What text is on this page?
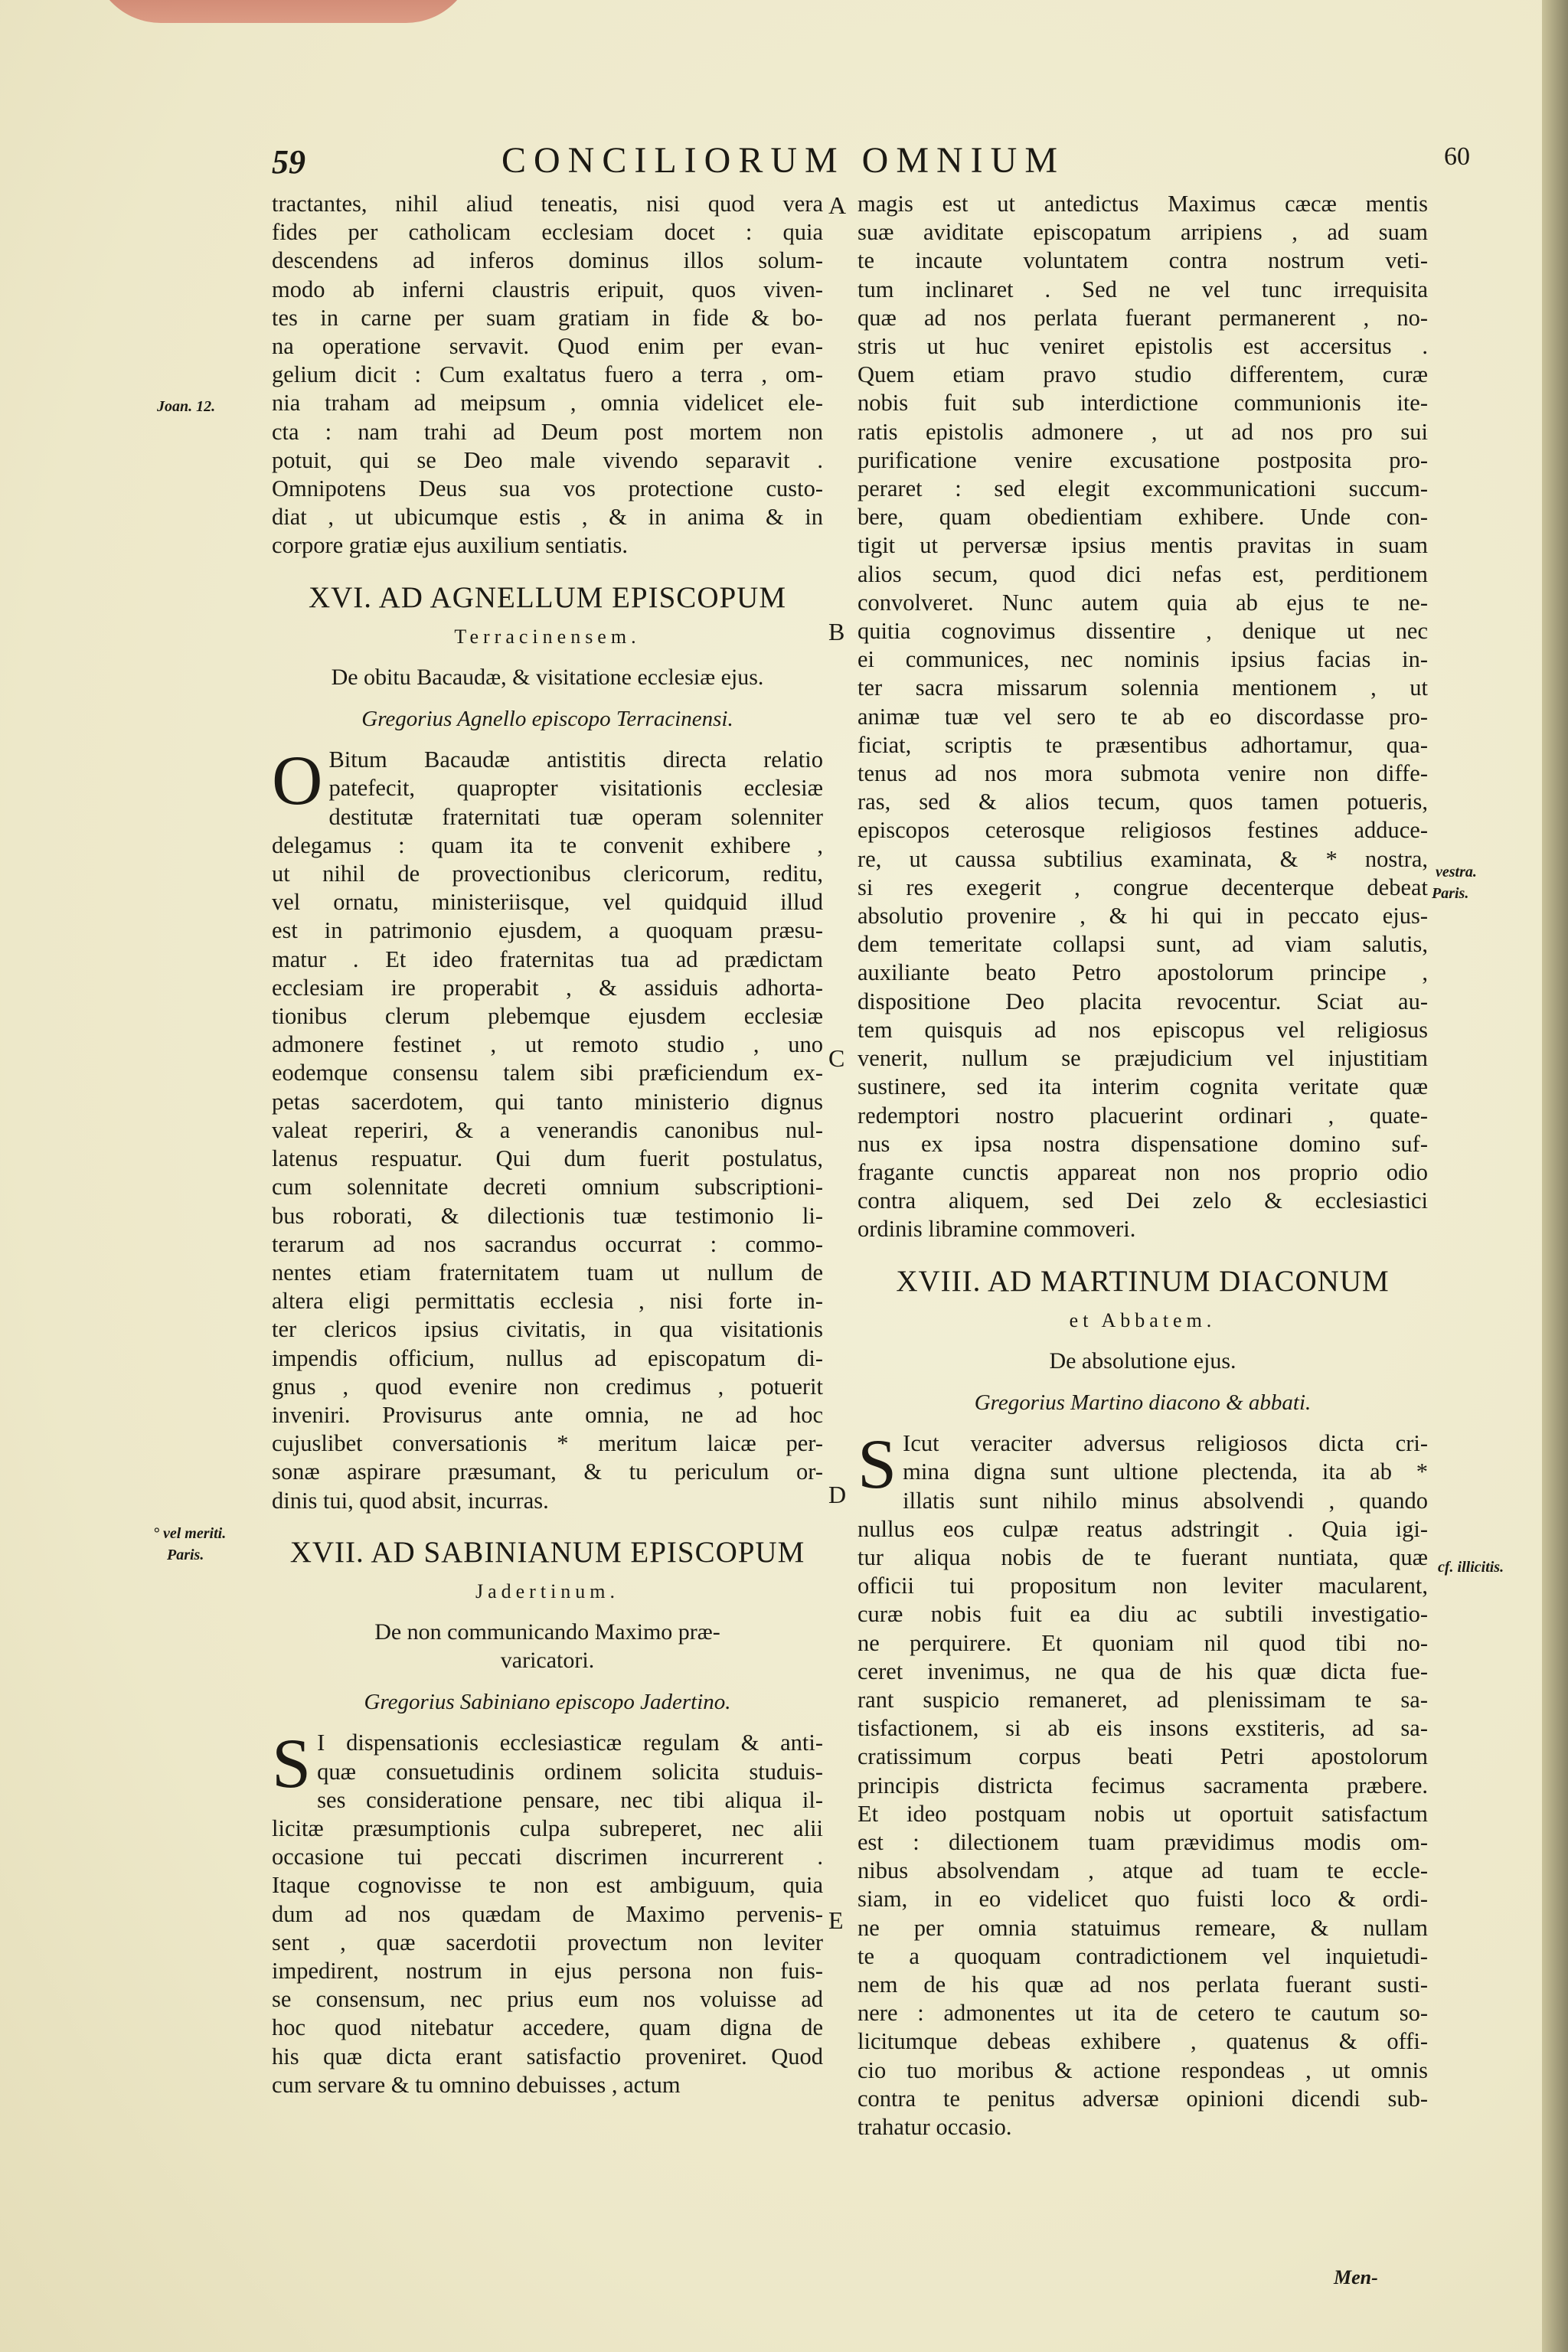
59	CONCILIORUM OMNIUM	60
tractantes, nihil aliud teneatis, nisi quod vera
fides per catholicam ecclesiam docet : quia
descendens ad inferos dominus illos solum-
modo ab inferni claustris eripuit, quos viven-
tes in carne per suam gratiam in fide & bo-
na operatione servavit. Quod enim per evan-
gelium dicit : Cum exaltatus fuero a terra , om-
nia traham ad meipsum , omnia videlicet ele-
cta : nam trahi ad Deum post mortem non
potuit, qui se Deo male vivendo separavit .
Omnipotens Deus sua vos protectione custo-
diat , ut ubicumque estis , & in anima & in
corpore gratiæ ejus auxilium sentiatis.
XVI. AD AGNELLUM EPISCOPUM
Terracinensem.
De obitu Bacaudæ, & visitatione ecclesiæ ejus.
Gregorius Agnello episcopo Terracinensi.
O Bitum Bacaudæ antistitis directa relatio
patefecit, quapropter visitationis ecclesiæ
destitutæ fraternitati tuæ operam solenniter
delegamus : quam ita te convenit exhibere ,
ut nihil de provectionibus clericorum, reditu,
vel ornatu, ministeriisque, vel quidquid illud
est in patrimonio ejusdem, a quoquam præsu-
matur . Et ideo fraternitas tua ad prædictam
ecclesiam ire properabit , & assiduis adhorta-
tionibus clerum plebemque ejusdem ecclesiæ
admonere festinet , ut remoto studio , uno
eodemque consensu talem sibi præficiendum ex-
petas sacerdotem, qui tanto ministerio dignus
valeat reperiri, & a venerandis canonibus nul-
latenus respuatur. Qui dum fuerit postulatus,
cum solennitate decreti omnium subscriptioni-
bus roborati, & dilectionis tuæ testimonio li-
terarum ad nos sacrandus occurrat : commo-
nentes etiam fraternitatem tuam ut nullum de
altera eligi permittatis ecclesia , nisi forte in-
ter clericos ipsius civitatis, in qua visitationis
impendis officium, nullus ad episcopatum di-
gnus , quod evenire non credimus , potuerit
inveniri. Provisurus ante omnia, ne ad hoc
cujuslibet conversationis * meritum laicæ per-
sonæ aspirare præsumant, & tu periculum or-
dinis tui, quod absit, incurras.
XVII. AD SABINIANUM EPISCOPUM
Jadertinum.
De non communicando Maximo præ-
varicatori.
Gregorius Sabiniano episcopo Jadertino.
S I dispensationis ecclesiasticæ regulam & anti-
quæ consuetudinis ordinem solicita studuis-
ses consideratione pensare, nec tibi aliqua il-
licitæ præsumptionis culpa subreperet, nec alii
occasione tui peccati discrimen incurrerent .
Itaque cognovisse te non est ambiguum, quia
dum ad nos quædam de Maximo pervenis-
sent , quæ sacerdotii provectum non leviter
impedirent, nostrum in ejus persona non fuis-
se consensum, nec prius eum nos voluisse ad
hoc quod nitebatur accedere, quam digna de
his quæ dicta erant satisfactio proveniret. Quod
cum servare & tu omnino debuisses , actum
magis est ut antedictus Maximus cæcæ mentis
suæ aviditate episcopatum arripiens , ad suam
te incaute voluntatem contra nostrum veti-
tum inclinaret . Sed ne vel tunc irrequisita
quæ ad nos perlata fuerant permanerent , no-
stris ut huc veniret epistolis est accersitus .
Quem etiam pravo studio differentem, curæ
nobis fuit sub interdictione communionis ite-
ratis epistolis admonere , ut ad nos pro sui
purificatione venire excusatione postposita pro-
peraret : sed elegit excommunicationi succum-
bere, quam obedientiam exhibere. Unde con-
tigit ut perversæ ipsius mentis pravitas in suam
alios secum, quod dici nefas est, perditionem
convolveret. Nunc autem quia ab ejus te ne-
quitia cognovimus dissentire , denique ut nec
ei communices, nec nominis ipsius facias in-
ter sacra missarum solennia mentionem , ut
animæ tuæ vel sero te ab eo discordasse pro-
ficiat, scriptis te præsentibus adhortamur, qua-
tenus ad nos mora submota venire non diffe-
ras, sed & alios tecum, quos tamen potueris,
episcopos ceterosque religiosos festines adduce-
re, ut caussa subtilius examinata, & * nostra,
si res exegerit , congrue decenterque debeat
absolutio provenire , & hi qui in peccato ejus-
dem temeritate collapsi sunt, ad viam salutis,
auxiliante beato Petro apostolorum principe ,
dispositione Deo placita revocentur. Sciat au-
tem quisquis ad nos episcopus vel religiosus
venerit, nullum se præjudicium vel injustitiam
sustinere, sed ita interim cognita veritate quæ
redemptori nostro placuerint ordinari , quate-
nus ex ipsa nostra dispensatione domino suf-
fragante cunctis appareat non nos proprio odio
contra aliquem, sed Dei zelo & ecclesiastici
ordinis libramine commoveri.
XVIII. AD MARTINUM DIACONUM
et Abbatem.
De absolutione ejus.
Gregorius Martino diacono & abbati.
S Icut veraciter adversus religiosos dicta cri-
mina digna sunt ultione plectenda, ita ab *
illatis sunt nihilo minus absolvendi , quando
nullus eos culpæ reatus adstringit . Quia igi-
tur aliqua nobis de te fuerant nuntiata, quæ
officii tui propositum non leviter macularent,
curæ nobis fuit ea diu ac subtili investigatio-
ne perquirere. Et quoniam nil quod tibi no-
ceret invenimus, ne qua de his quæ dicta fue-
rant suspicio remaneret, ad plenissimam te sa-
tisfactionem, si ab eis insons exstiteris, ad sa-
cratissimum corpus beati Petri apostolorum
principis districta fecimus sacramenta præbere.
Et ideo postquam nobis ut oportuit satisfactum
est : dilectionem tuam prævidimus modis om-
nibus absolvendam , atque ad tuam te eccle-
siam, in eo videlicet quo fuisti loco & ordi-
ne per omnia statuimus remeare, & nullam
te a quoquam contradictionem vel inquietudi-
nem de his quæ ad nos perlata fuerant susti-
nere : admonentes ut ita de cetero te cautum so-
licitumque debeas exhibere , quatenus & offi-
cio tuo moribus & actione respondeas , ut omnis
contra te penitus adversæ opinioni dicendi sub-
trahatur occasio.
A
B
C
D
E
Joan. 12.
° vel meriti.
Paris.
vestra.
Paris.
cf. illicitis.
Men-
